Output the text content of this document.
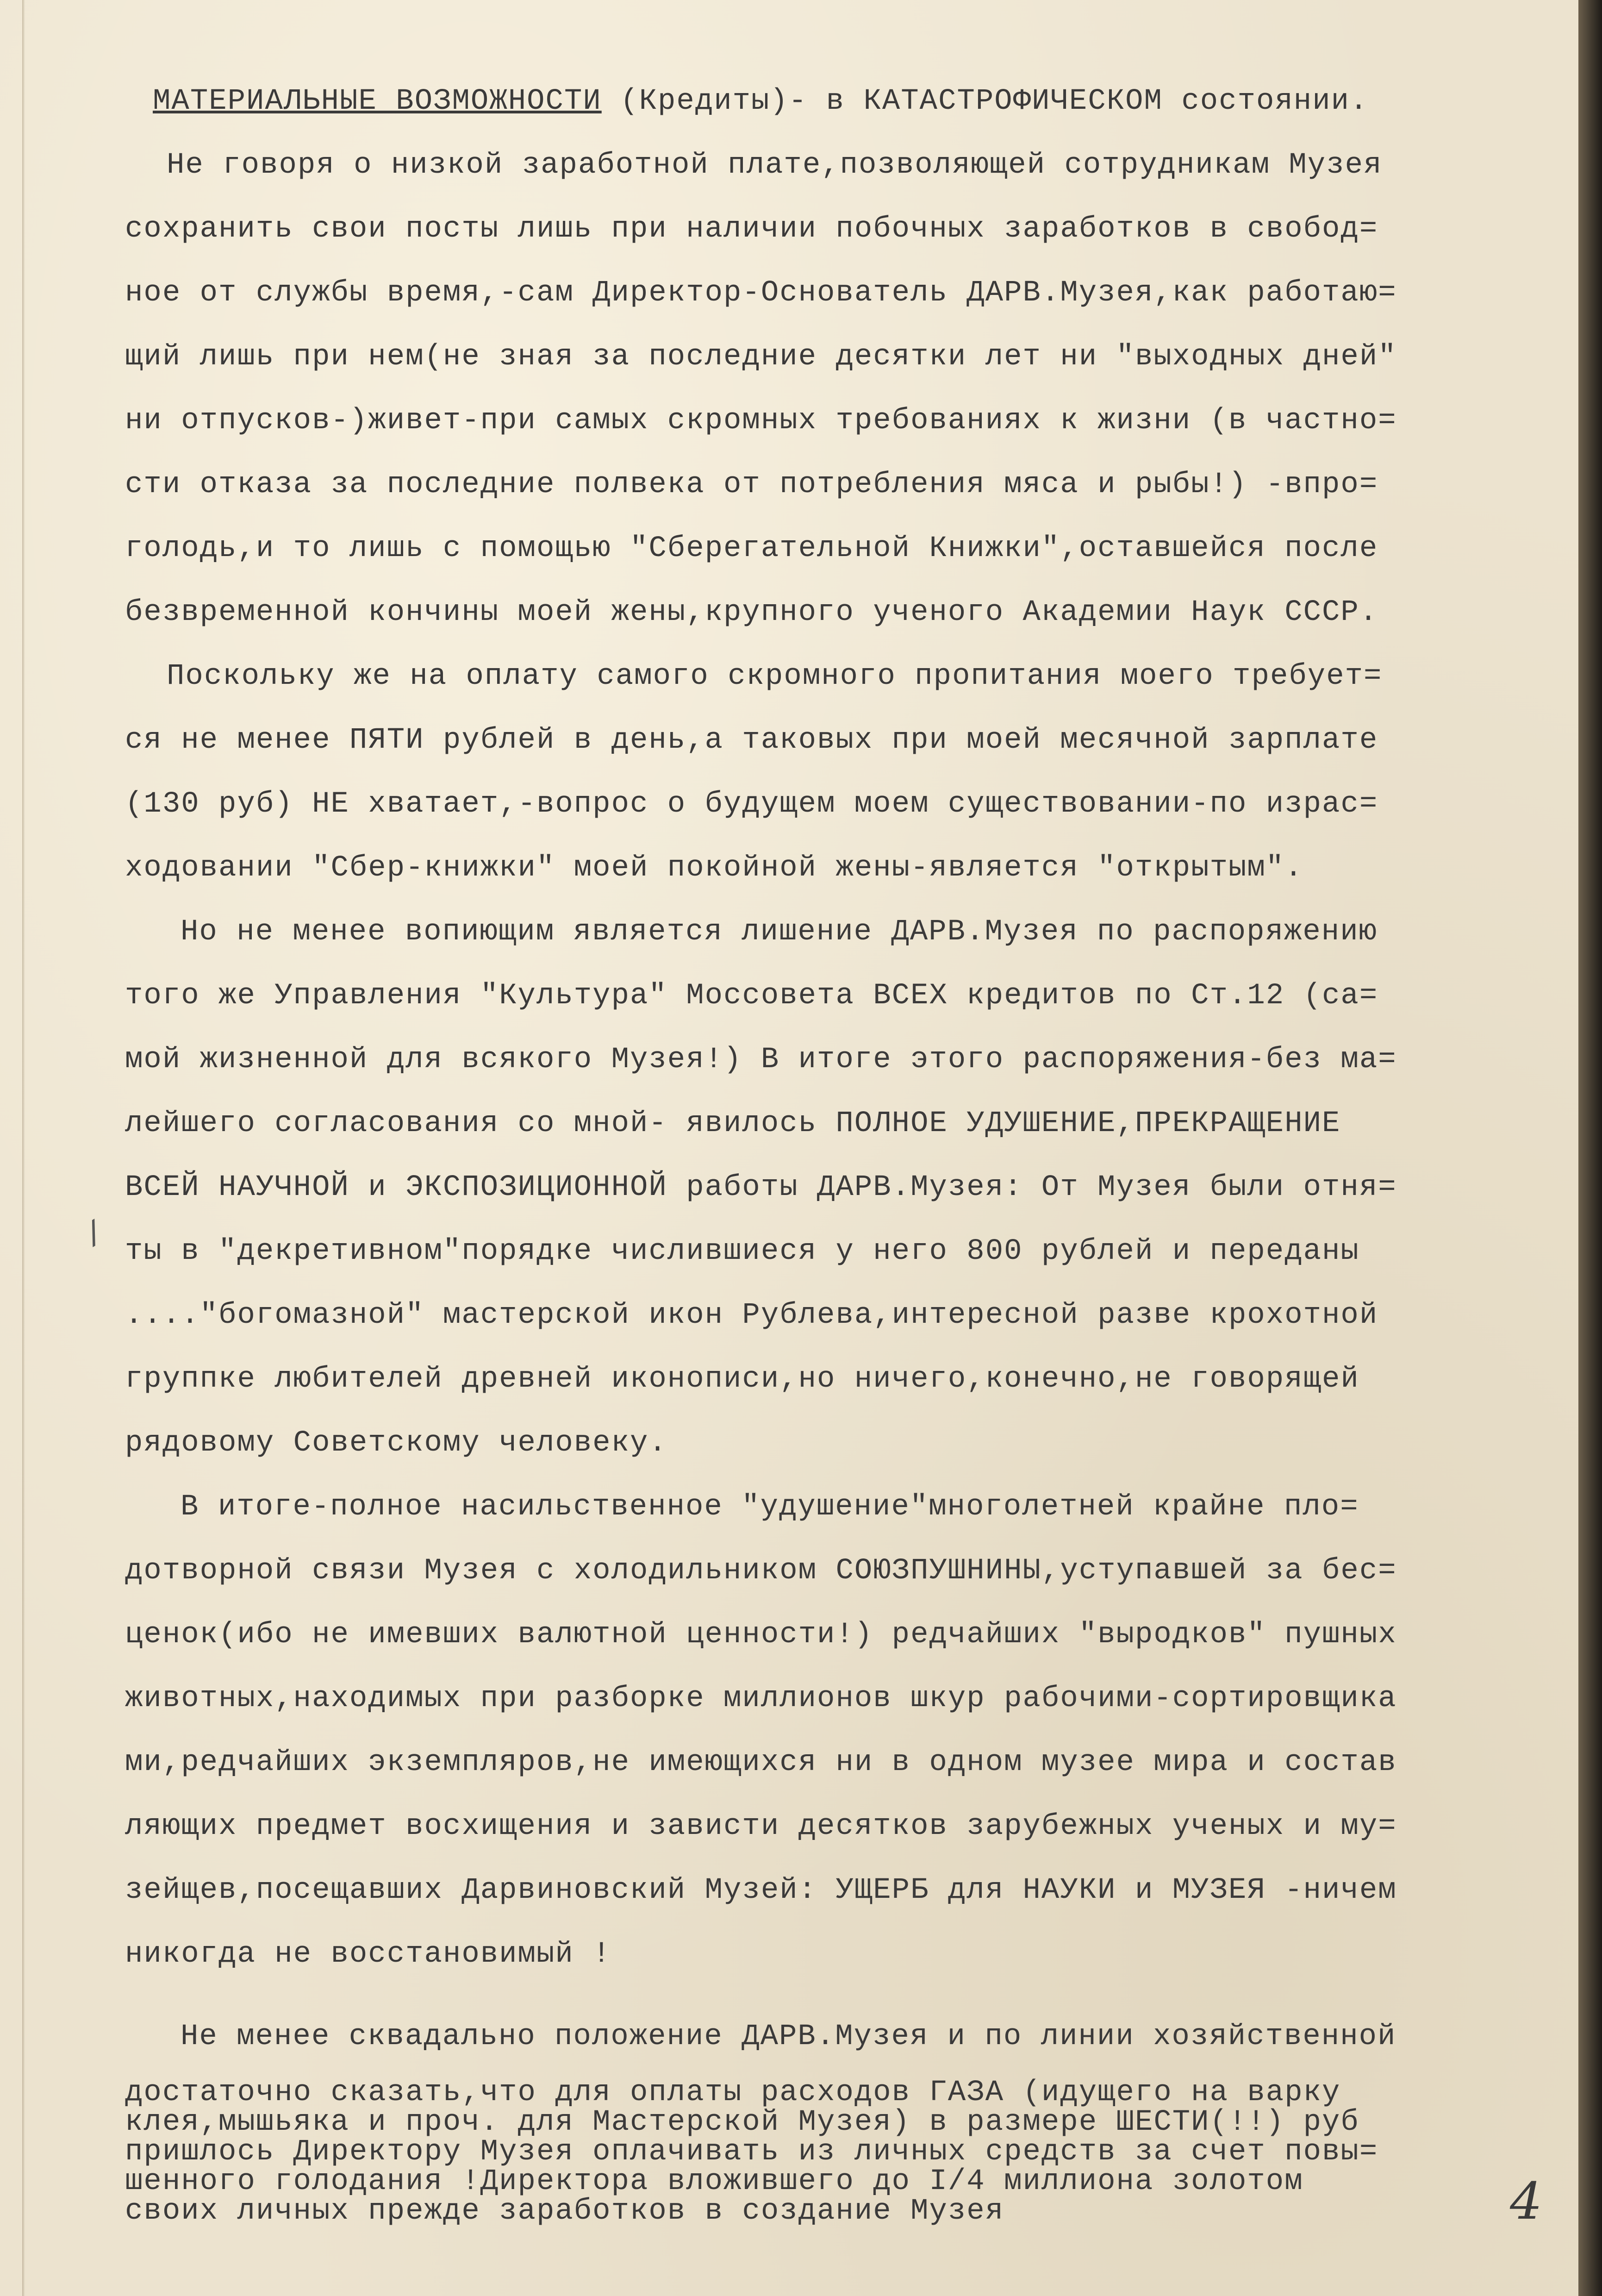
МАТЕРИАЛЬНЫЕ ВОЗМОЖНОСТИ (Кредиты)- в КАТАСТРОФИЧЕСКОМ состоянии.
Не говоря о низкой заработной плате,позволяющей сотрудникам Музея
сохранить свои посты лишь при наличии побочных заработков в свобод=
ное от службы время,-сам Директор-Основатель ДАРВ.Музея,как работаю=
щий лишь при нем(не зная за последние десятки лет ни "выходных дней"
ни отпусков-)живет-при самых скромных требованиях к жизни (в частно=
сти отказа за последние полвека от потребления мяса и рыбы!) -впро=
голодь,и то лишь с помощью "Сберегательной Книжки",оставшейся после
безвременной кончины моей жены,крупного ученого Академии Наук СССР.
Поскольку же на оплату самого скромного пропитания моего требует=
ся не менее ПЯТИ рублей в день,а таковых при моей месячной зарплате
(130 руб) НЕ хватает,-вопрос о будущем моем существовании-по израс=
ходовании "Сбер-книжки" моей покойной жены-является "открытым".
Но не менее вопиющим является лишение ДАРВ.Музея по распоряжению
того же Управления "Культура" Моссовета ВСЕХ кредитов по Ст.12 (са=
мой жизненной для всякого Музея!) В итоге этого распоряжения-без ма=
лейшего согласования со мной- явилось ПОЛНОЕ УДУШЕНИЕ,ПРЕКРАЩЕНИЕ
ВСЕЙ НАУЧНОЙ и ЭКСПОЗИЦИОННОЙ работы ДАРВ.Музея: От Музея были отня=
ты в "декретивном"порядке числившиеся у него 800 рублей и переданы
...."богомазной" мастерской икон Рублева,интересной разве крохотной
группке любителей древней иконописи,но ничего,конечно,не говорящей
рядовому Советскому человеку.
В итоге-полное насильственное "удушение"многолетней крайне пло=
дотворной связи Музея с холодильником СОЮЗПУШНИНЫ,уступавшей за бес=
ценок(ибо не имевших валютной ценности!) редчайших "выродков" пушных
животных,находимых при разборке миллионов шкур рабочими-сортировщика
ми,редчайших экземпляров,не имеющихся ни в одном музее мира и состав
ляющих предмет восхищения и зависти десятков зарубежных ученых и му=
зейщев,посещавших Дарвиновский Музей: УЩЕРБ для НАУКИ и МУЗЕЯ -ничем
никогда не восстановимый !
Не менее сквадально положение ДАРВ.Музея и по линии хозяйственной
достаточно сказать,что для оплаты расходов ГАЗА (идущего на варку
клея,мышьяка и проч. для Мастерской Музея) в размере ШЕСТИ(!!) руб
пришлось Директору Музея оплачивать из личных средств за счет повы=
шенного голодания !Директора вложившего до I/4 миллиона золотом
своих личных прежде заработков в создание Музея
/
4
